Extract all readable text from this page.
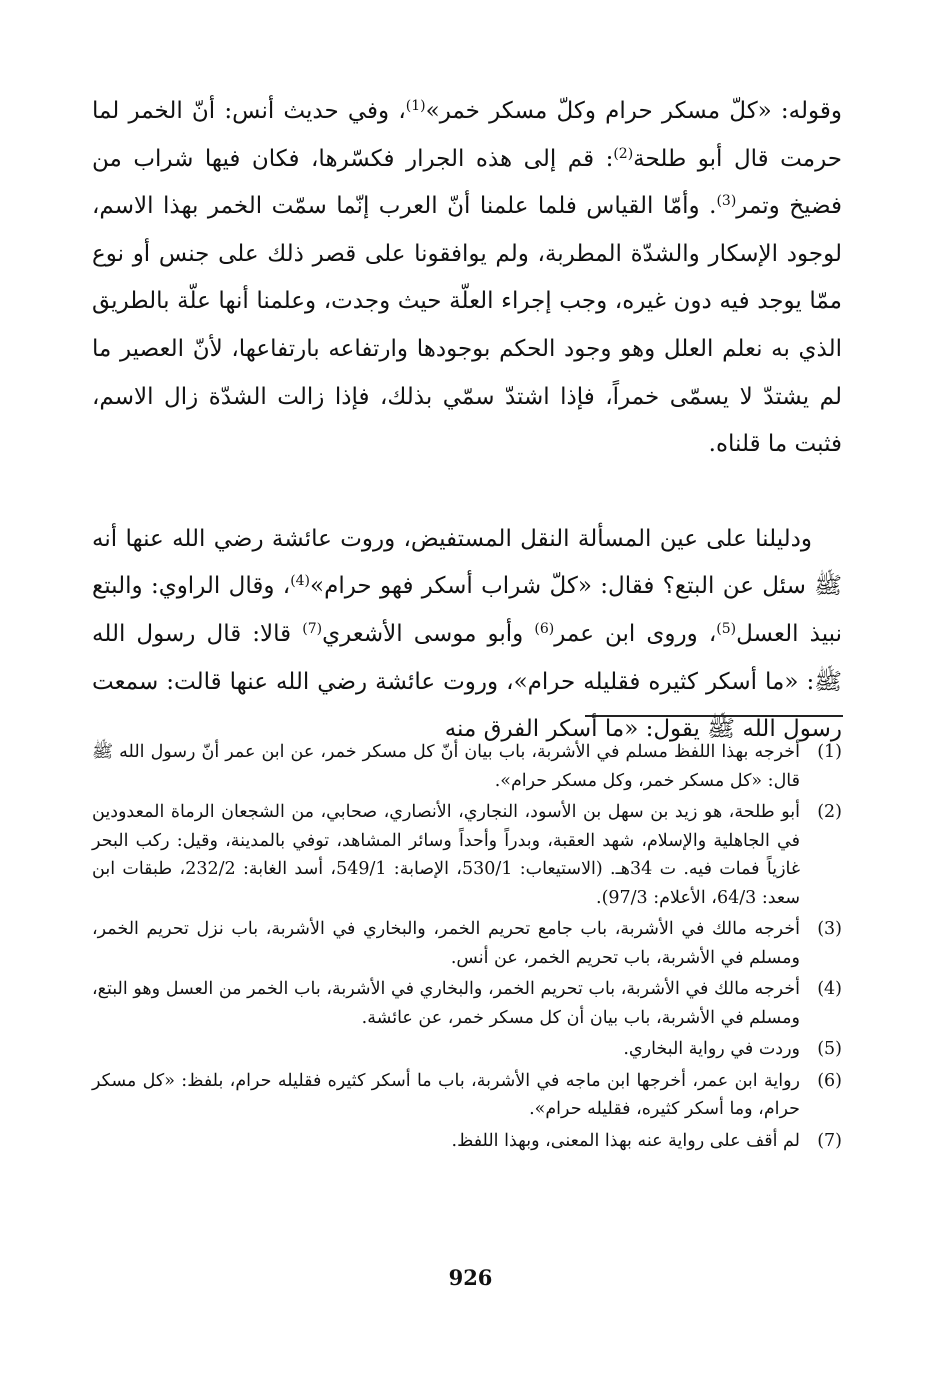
وقوله: «كلّ مسكر حرام وكلّ مسكر خمر»$^{(1)}$، وفي حديث أنس: أنّ الخمر لما حرمت قال أبو طلحة$^{(2)}$: قم إلى هذه الجرار فكسّرها، فكان فيها شراب من فضيخ وتمر$^{(3)}$. وأمّا القياس فلما علمنا أنّ العرب إنّما سمّت الخمر بهذا الاسم، لوجود الإسكار والشدّة المطربة، ولم يوافقونا على قصر ذلك على جنس أو نوع ممّا يوجد فيه دون غيره، وجب إجراء العلّة حيث وجدت، وعلمنا أنها علّة بالطريق الذي به نعلم العلل وهو وجود الحكم بوجودها وارتفاعه بارتفاعها، لأنّ العصير ما لم يشتدّ لا يسمّى خمراً، فإذا اشتدّ سمّي بذلك، فإذا زالت الشدّة زال الاسم، فثبت ما قلناه.

ودليلنا على عين المسألة النقل المستفيض، وروت عائشة رضي الله عنها أنه ﷺ سئل عن البتع؟ فقال: «كلّ شراب أسكر فهو حرام»$^{(4)}$، وقال الراوي: والبتع نبيذ العسل$^{(5)}$، وروى ابن عمر$^{(6)}$ وأبو موسى الأشعري$^{(7)}$ قالا: قال رسول الله ﷺ: «ما أسكر كثيره فقليله حرام»، وروت عائشة رضي الله عنها قالت: سمعت رسول الله ﷺ يقول: «ما أسكر الفرق منه

(1)
أخرجه بهذا اللفظ مسلم في الأشربة، باب بيان أنّ كل مسكر خمر، عن ابن عمر أنّ رسول الله ﷺ قال: «كل مسكر خمر، وكل مسكر حرام».
(2)
أبو طلحة، هو زيد بن سهل بن الأسود، النجاري، الأنصاري، صحابي، من الشجعان الرماة المعدودين في الجاهلية والإسلام، شهد العقبة، وبدراً وأحداً وسائر المشاهد، توفي بالمدينة، وقيل: ركب البحر غازياً فمات فيه. ت 34هـ. (الاستيعاب: 530/1، الإصابة: 549/1، أسد الغابة: 232/2، طبقات ابن سعد: 64/3، الأعلام: 97/3).
(3)
أخرجه مالك في الأشربة، باب جامع تحريم الخمر، والبخاري في الأشربة، باب نزل تحريم الخمر، ومسلم في الأشربة، باب تحريم الخمر، عن أنس.
(4)
أخرجه مالك في الأشربة، باب تحريم الخمر، والبخاري في الأشربة، باب الخمر من العسل وهو البتع، ومسلم في الأشربة، باب بيان أن كل مسكر خمر، عن عائشة.
(5)
وردت في رواية البخاري.
(6)
رواية ابن عمر، أخرجها ابن ماجه في الأشربة، باب ما أسكر كثيره فقليله حرام، بلفظ: «كل مسكر حرام، وما أسكر كثيره، فقليله حرام».
(7)
لم أقف على رواية عنه بهذا المعنى، وبهذا اللفظ.
926
